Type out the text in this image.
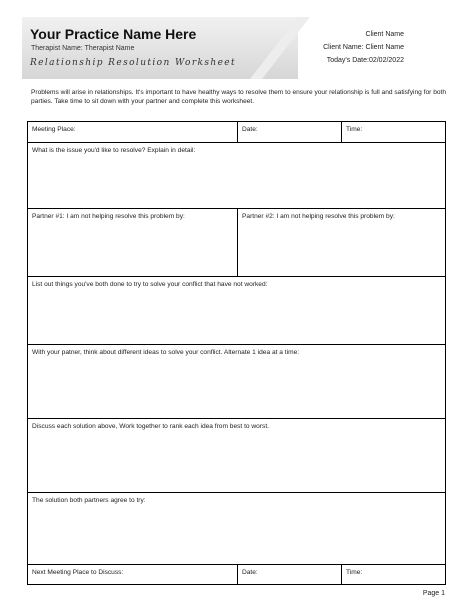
Your Practice Name Here
Therapist Name: Therapist Name
Relationship Resolution Worksheet
Client Name
Client Name: Client Name
Today's Date:02/02/2022
Problems will arise in relationships. It's important to have healthy ways to resolve them to ensure your relationship is full and satisfying for both parties. Take time to sit down with your partner and complete this worksheet.
Meeting Place:	Date:	Time:
What is the issue you'd like to resolve? Explain in detail:		
Partner #1: I am not helping resolve this problem by:	Partner #2: I am not helping resolve this problem by:	
List out things you've both done to try to solve your conflict that have not worked:		
With your patner, think about different ideas to solve your conflict. Alternate 1 idea at a time:		
Discuss each solution above, Work together to rank each idea from best to worst.		
The solution both partners agree to try:		
Next Meeting Place to Discuss:	Date:	Time:
Page 1
